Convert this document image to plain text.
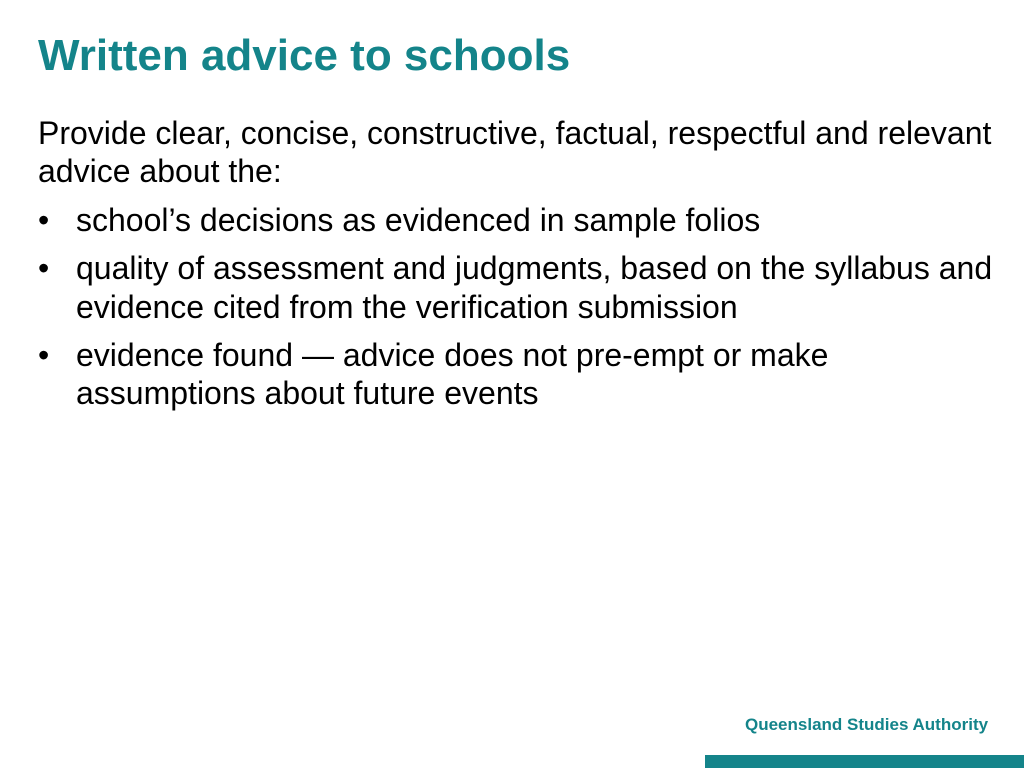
Written advice to schools

Provide clear, concise, constructive, factual, respectful and relevant advice about the:

• school’s decisions as evidenced in sample folios
• quality of assessment and judgments, based on the syllabus and evidence cited from the verification submission
• evidence found — advice does not pre-empt or make assumptions about future events
Queensland Studies Authority
